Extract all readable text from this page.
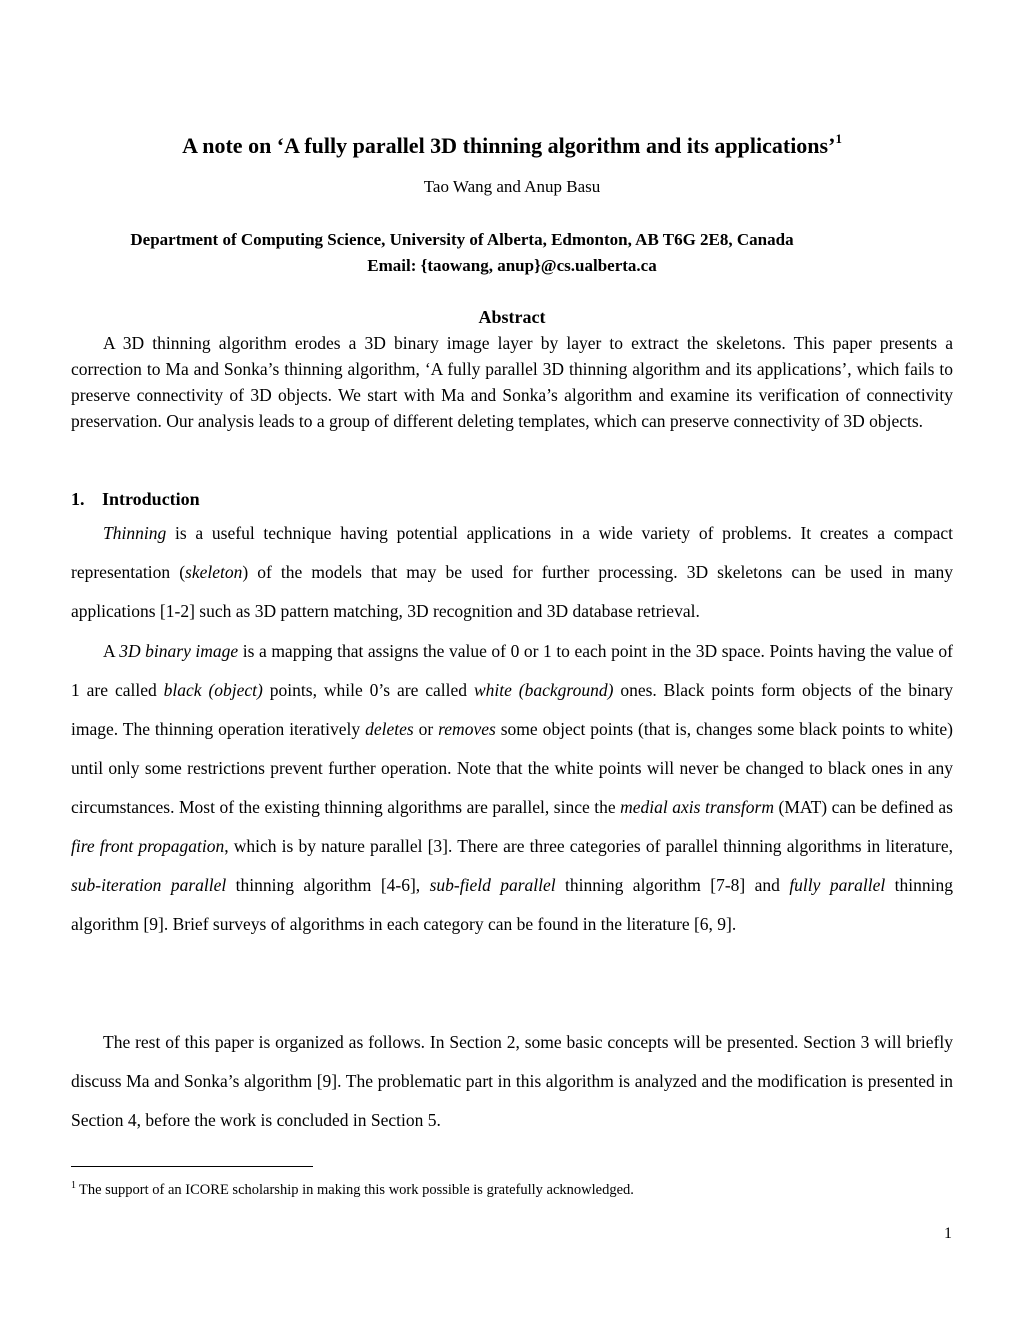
A note on ‘A fully parallel 3D thinning algorithm and its applications’$^1$
Tao Wang and Anup Basu
Department of Computing Science, University of Alberta, Edmonton, AB T6G 2E8, Canada
Email: {taowang, anup}@cs.ualberta.ca
Abstract

A 3D thinning algorithm erodes a 3D binary image layer by layer to extract the skeletons. This paper presents a correction to Ma and Sonka’s thinning algorithm, ‘A fully parallel 3D thinning algorithm and its applications’, which fails to preserve connectivity of 3D objects. We start with Ma and Sonka’s algorithm and examine its verification of connectivity preservation. Our analysis leads to a group of different deleting templates, which can preserve connectivity of 3D objects.

1. Introduction

Thinning is a useful technique having potential applications in a wide variety of problems. It creates a compact representation (skeleton) of the models that may be used for further processing. 3D skeletons can be used in many applications [1-2] such as 3D pattern matching, 3D recognition and 3D database retrieval.

A 3D binary image is a mapping that assigns the value of 0 or 1 to each point in the 3D space. Points having the value of 1 are called black (object) points, while 0’s are called white (background) ones. Black points form objects of the binary image. The thinning operation iteratively deletes or removes some object points (that is, changes some black points to white) until only some restrictions prevent further operation. Note that the white points will never be changed to black ones in any circumstances. Most of the existing thinning algorithms are parallel, since the medial axis transform (MAT) can be defined as fire front propagation, which is by nature parallel [3]. There are three categories of parallel thinning algorithms in literature, sub-iteration parallel thinning algorithm [4-6], sub-field parallel thinning algorithm [7-8] and fully parallel thinning algorithm [9]. Brief surveys of algorithms in each category can be found in the literature [6, 9].

The rest of this paper is organized as follows. In Section 2, some basic concepts will be presented. Section 3 will briefly discuss Ma and Sonka’s algorithm [9]. The problematic part in this algorithm is analyzed and the modification is presented in Section 4, before the work is concluded in Section 5.

$^1$ The support of an ICORE scholarship in making this work possible is gratefully acknowledged.
1
